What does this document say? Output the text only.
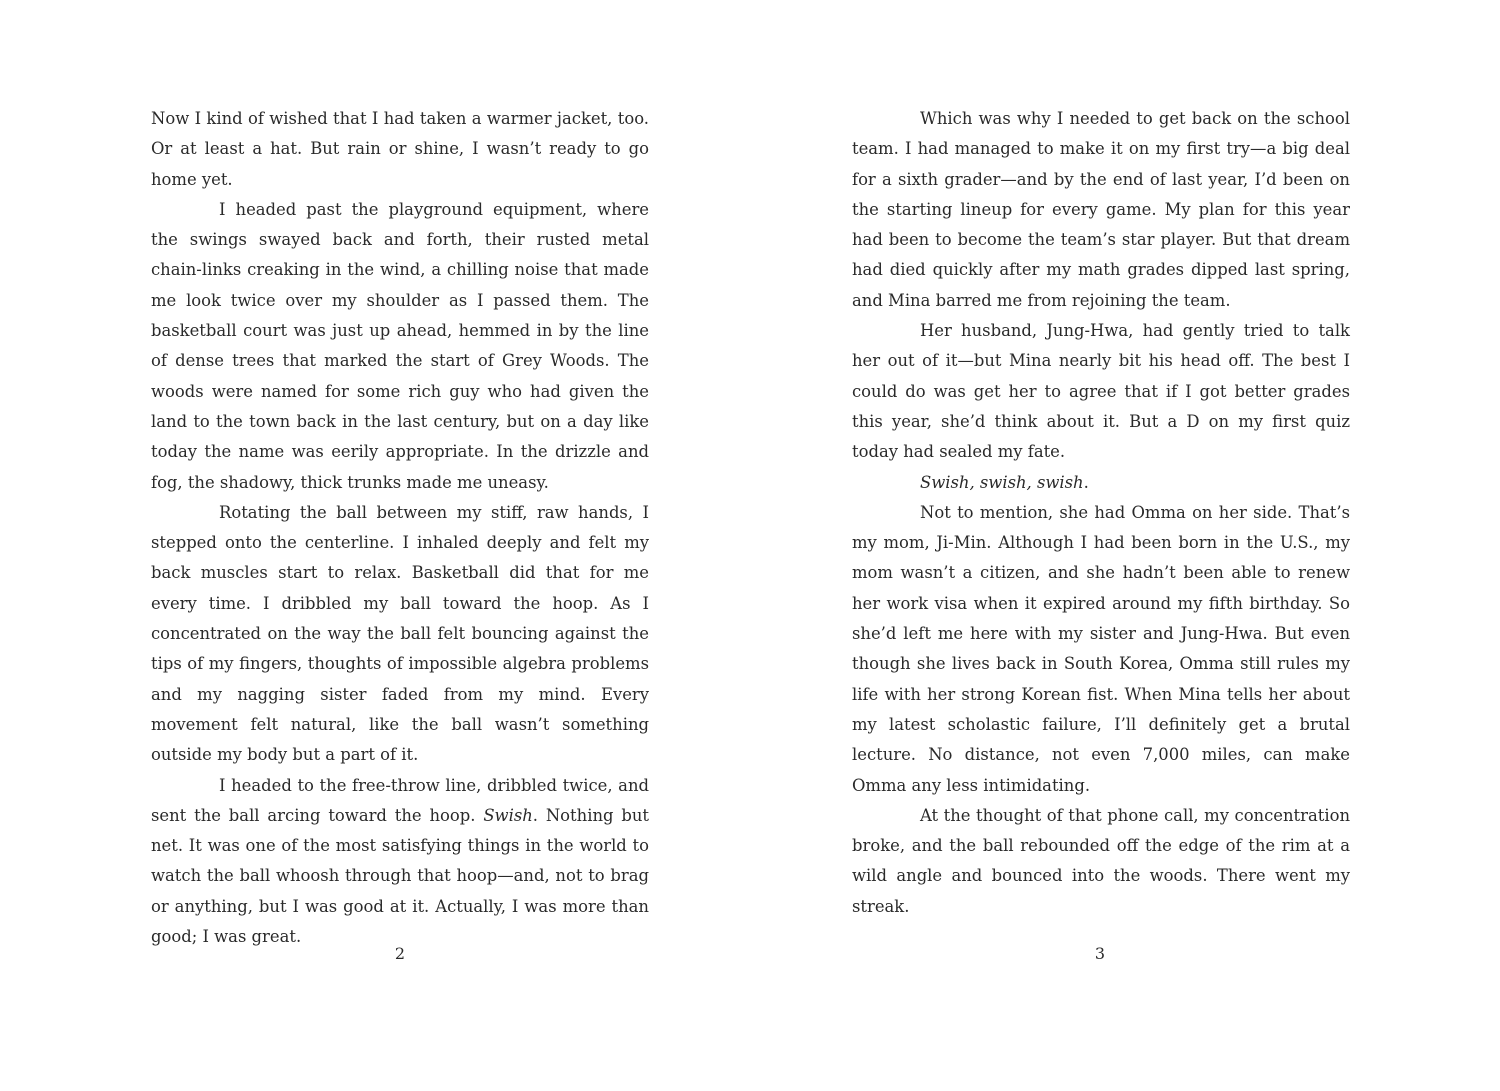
Now I kind of wished that I had taken a warmer jacket, too. Or at least a hat. But rain or shine, I wasn’t ready to go home yet.

I headed past the playground equipment, where the swings swayed back and forth, their rusted metal chain-links creaking in the wind, a chilling noise that made me look twice over my shoulder as I passed them. The basketball court was just up ahead, hemmed in by the line of dense trees that marked the start of Grey Woods. The woods were named for some rich guy who had given the land to the town back in the last century, but on a day like today the name was eerily appropriate. In the drizzle and fog, the shadowy, thick trunks made me uneasy.

Rotating the ball between my stiff, raw hands, I stepped onto the centerline. I inhaled deeply and felt my back muscles start to relax. Basketball did that for me every time. I dribbled my ball toward the hoop. As I concentrated on the way the ball felt bouncing against the tips of my fingers, thoughts of impossible algebra problems and my nagging sister faded from my mind. Every movement felt natural, like the ball wasn’t something outside my body but a part of it.

I headed to the free-throw line, dribbled twice, and sent the ball arcing toward the hoop. Swish. Nothing but net. It was one of the most satisfying things in the world to watch the ball whoosh through that hoop—and, not to brag or anything, but I was good at it. Actually, I was more than good; I was great.

Which was why I needed to get back on the school team. I had managed to make it on my first try—a big deal for a sixth grader—and by the end of last year, I’d been on the starting lineup for every game. My plan for this year had been to become the team’s star player. But that dream had died quickly after my math grades dipped last spring, and Mina barred me from rejoining the team.

Her husband, Jung-Hwa, had gently tried to talk her out of it—but Mina nearly bit his head off. The best I could do was get her to agree that if I got better grades this year, she’d think about it. But a D on my first quiz today had sealed my fate.

Swish, swish, swish.

Not to mention, she had Omma on her side. That’s my mom, Ji-Min. Although I had been born in the U.S., my mom wasn’t a citizen, and she hadn’t been able to renew her work visa when it expired around my fifth birthday. So she’d left me here with my sister and Jung-Hwa. But even though she lives back in South Korea, Omma still rules my life with her strong Korean fist. When Mina tells her about my latest scholastic failure, I’ll definitely get a brutal lecture. No distance, not even 7,000 miles, can make Omma any less intimidating.

At the thought of that phone call, my concentration broke, and the ball rebounded off the edge of the rim at a wild angle and bounced into the woods. There went my streak.

2	3
